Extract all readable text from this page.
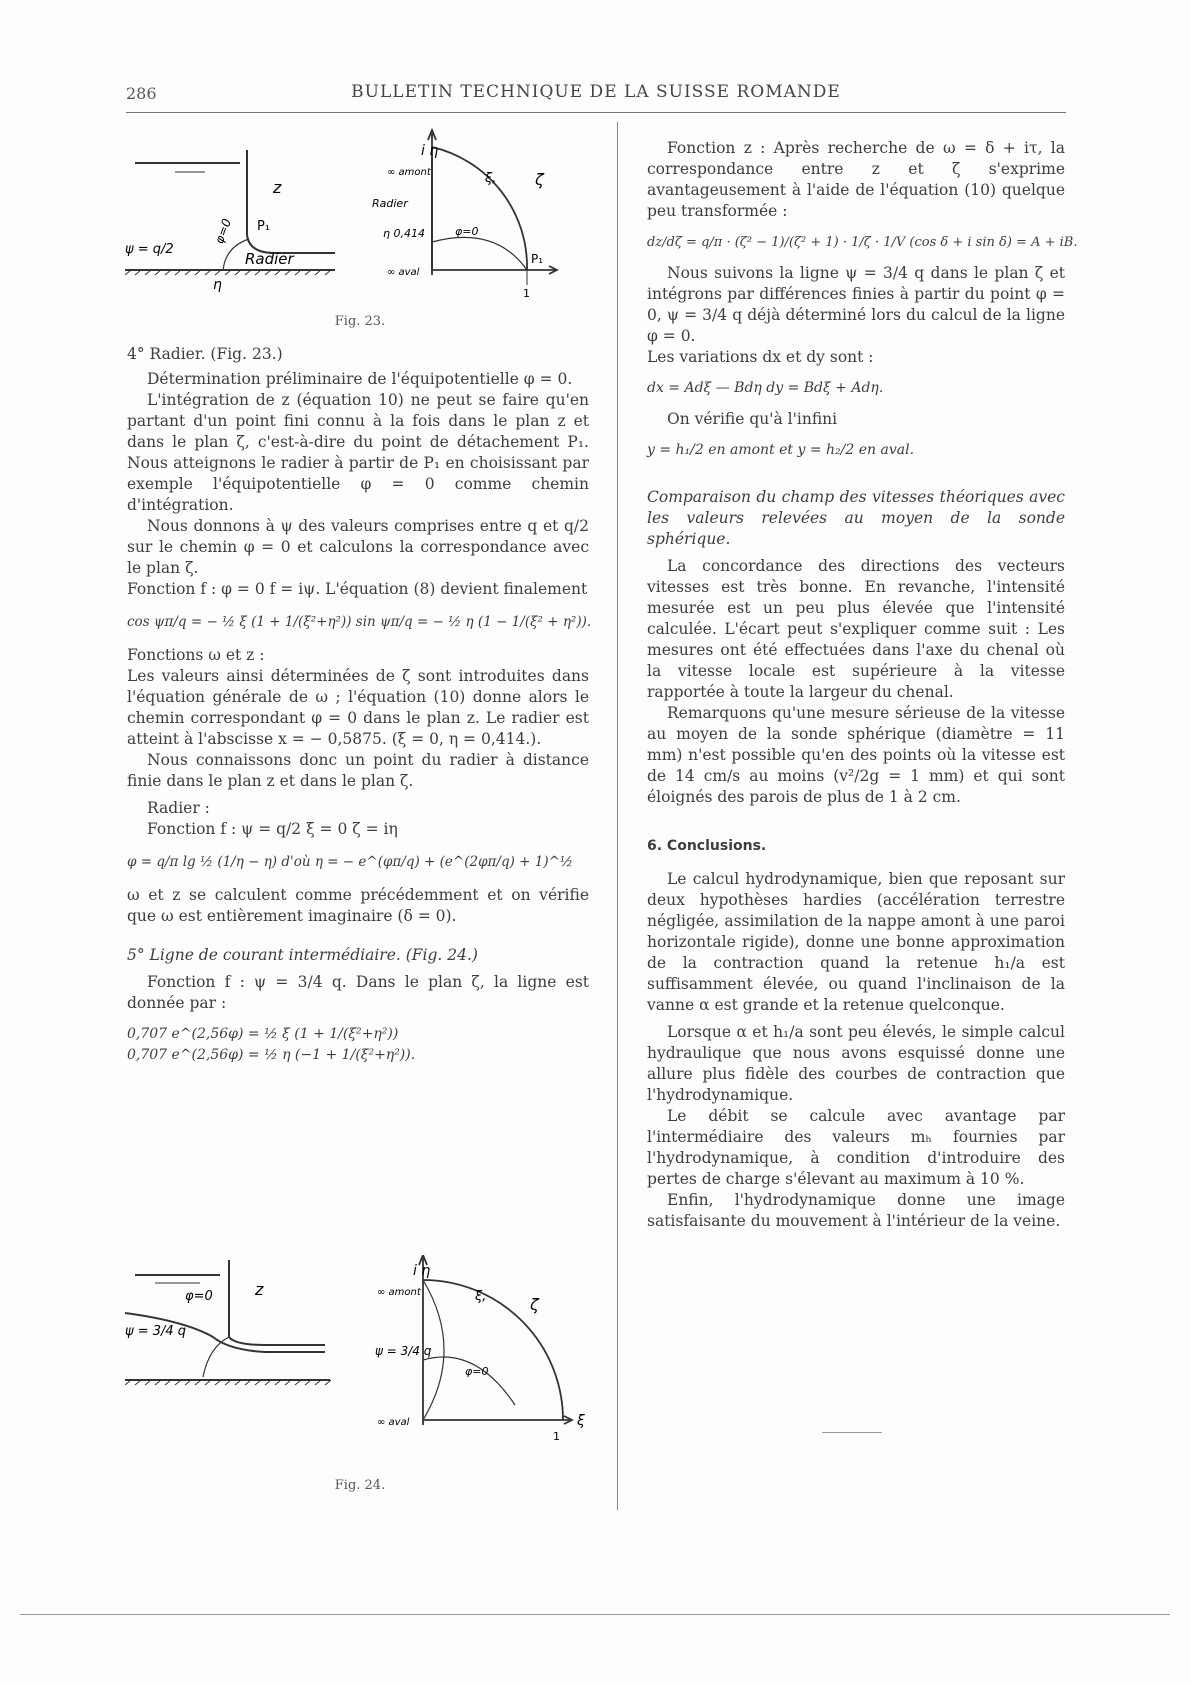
286	BULLETIN TECHNIQUE DE LA SUISSE ROMANDE
z
ψ = q/2
φ=0 P₁
Radier
η
i η
∞ amont	ξ, ζ
Radier
η 0,414	φ=0
∞ aval
P₁
1
Fig. 23.

4° Radier. (Fig. 23.)

Détermination préliminaire de l'équipotentielle φ = 0.

L'intégration de z (équation 10) ne peut se faire qu'en partant d'un point fini connu à la fois dans le plan z et dans le plan ζ, c'est-à-dire du point de détachement P₁. Nous atteignons le radier à partir de P₁ en choisissant par exemple l'équipotentielle φ = 0 comme chemin d'intégration.

Nous donnons à ψ des valeurs comprises entre q et q/2 sur le chemin φ = 0 et calculons la correspondance avec le plan ζ.

Fonction f : φ = 0 f = iψ. L'équation (8) devient finalement

cos ψπ/q = − ½ ξ (1 + 1/(ξ²+η²)) sin ψπ/q = − ½ η (1 − 1/(ξ² + η²)).

Fonctions ω et z :

Les valeurs ainsi déterminées de ζ sont introduites dans l'équation générale de ω ; l'équation (10) donne alors le chemin correspondant φ = 0 dans le plan z. Le radier est atteint à l'abscisse x = − 0,5875. (ξ = 0, η = 0,414.).

Nous connaissons donc un point du radier à distance finie dans le plan z et dans le plan ζ.

Radier :

Fonction f : ψ = q/2 ξ = 0 ζ = iη

φ = q/π lg ½ (1/η − η) d'où η = − e^(φπ/q) + (e^(2φπ/q) + 1)^½

ω et z se calculent comme précédemment et on vérifie que ω est entièrement imaginaire (δ = 0).

5° Ligne de courant intermédiaire. (Fig. 24.)

Fonction f : ψ = 3/4 q. Dans le plan ζ, la ligne est donnée par :

0,707 e^(2,56φ) = ½ ξ (1 + 1/(ξ²+η²))

0,707 e^(2,56φ) = ½ η (−1 + 1/(ξ²+η²)).

φ=0	z
ψ = 3/4 q
i η
∞ amont	ξ,	ζ
ψ = 3/4 q
φ=0
∞ aval
1
ξ
Fig. 24.

Fonction z : Après recherche de ω = δ + iτ, la correspondance entre z et ζ s'exprime avantageusement à l'aide de l'équation (10) quelque peu transformée :

dz/dζ = q/π · (ζ² − 1)/(ζ² + 1) · 1/ζ · 1/V (cos δ + i sin δ) = A + iB.

Nous suivons la ligne ψ = 3/4 q dans le plan ζ et intégrons par différences finies à partir du point φ = 0, ψ = 3/4 q déjà déterminé lors du calcul de la ligne φ = 0.

Les variations dx et dy sont :

dx = Adξ — Bdη dy = Bdξ + Adη.

On vérifie qu'à l'infini

y = h₁/2 en amont et y = h₂/2 en aval.

Comparaison du champ des vitesses théoriques avec les valeurs relevées au moyen de la sonde sphérique.

La concordance des directions des vecteurs vitesses est très bonne. En revanche, l'intensité mesurée est un peu plus élevée que l'intensité calculée. L'écart peut s'expliquer comme suit : Les mesures ont été effectuées dans l'axe du chenal où la vitesse locale est supérieure à la vitesse rapportée à toute la largeur du chenal.

Remarquons qu'une mesure sérieuse de la vitesse au moyen de la sonde sphérique (diamètre = 11 mm) n'est possible qu'en des points où la vitesse est de 14 cm/s au moins (v²/2g = 1 mm) et qui sont éloignés des parois de plus de 1 à 2 cm.

6. Conclusions.

Le calcul hydrodynamique, bien que reposant sur deux hypothèses hardies (accélération terrestre négligée, assimilation de la nappe amont à une paroi horizontale rigide), donne une bonne approximation de la contraction quand la retenue h₁/a est suffisamment élevée, ou quand l'inclinaison de la vanne α est grande et la retenue quelconque.

Lorsque α et h₁/a sont peu élevés, le simple calcul hydraulique que nous avons esquissé donne une allure plus fidèle des courbes de contraction que l'hydrodynamique.

Le débit se calcule avec avantage par l'intermédiaire des valeurs mₕ fournies par l'hydrodynamique, à condition d'introduire des pertes de charge s'élevant au maximum à 10 %.

Enfin, l'hydrodynamique donne une image satisfaisante du mouvement à l'intérieur de la veine.
